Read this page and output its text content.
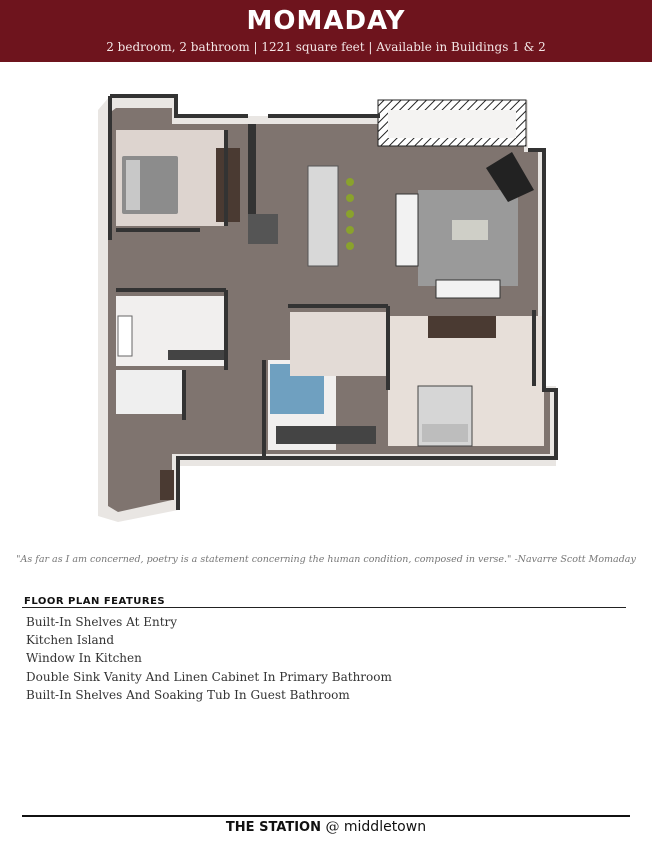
MOMADAY
2 bedroom, 2 bathroom | 1221 square feet | Available in Buildings 1 & 2
"As far as I am concerned, poetry is a statement concerning the human condition, composed in verse." -Navarre Scott Momaday
FLOOR PLAN FEATURES
Built-In Shelves At Entry
Kitchen Island
Window In Kitchen
Double Sink Vanity And Linen Cabinet In Primary Bathroom
Built-In Shelves And Soaking Tub In Guest Bathroom
THE STATION @ middletown
